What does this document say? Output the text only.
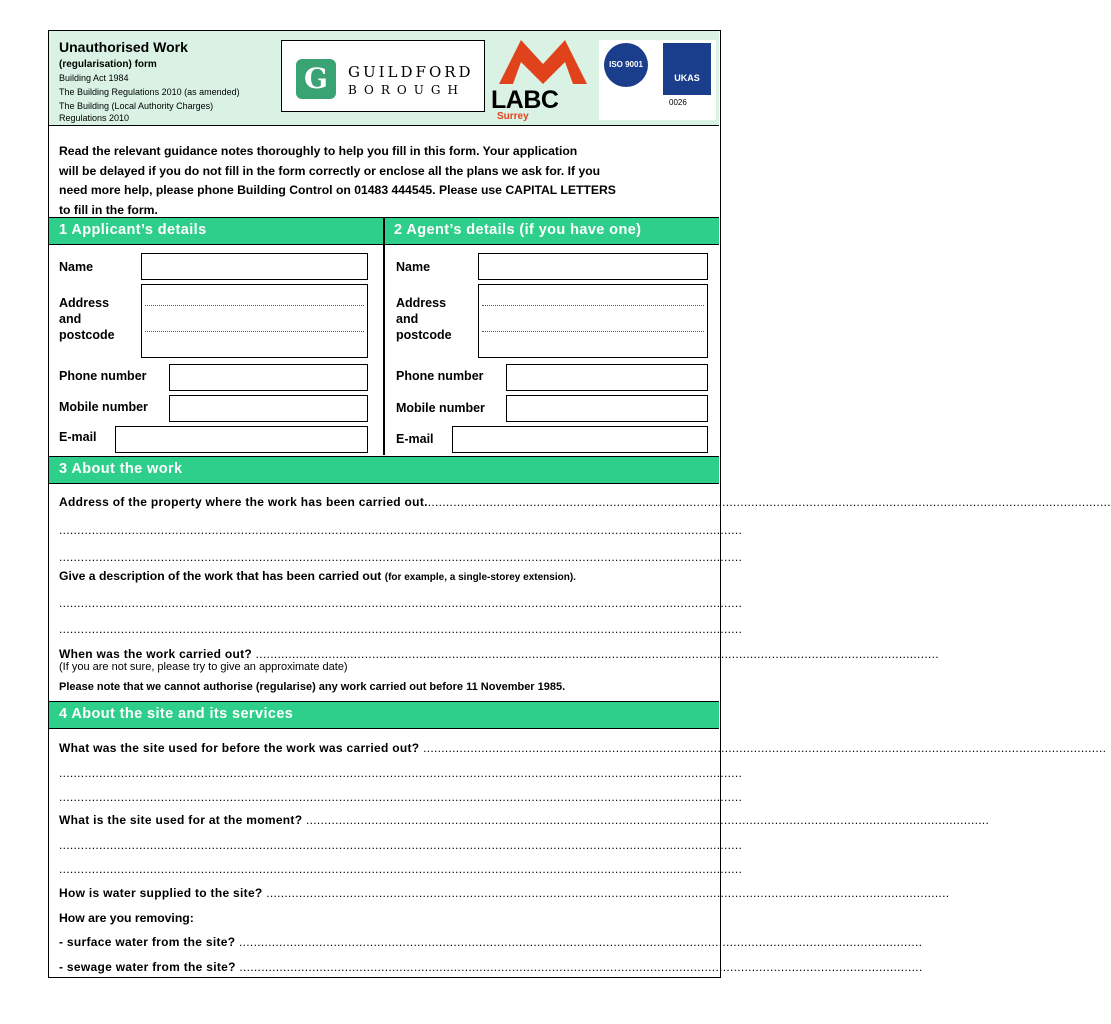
Unauthorised Work
(regularisation) form
Building Act 1984
The Building Regulations 2010 (as amended)
The Building (Local Authority Charges)
Regulations 2010
G	GUILDFORD
BOROUGH LABC
Surrey
ISO 9001
UKAS
0026
Read the relevant guidance notes thoroughly to help you fill in this form. Your application
will be delayed if you do not fill in the form correctly or enclose all the plans we ask for. If you
need more help, please phone Building Control on 01483 444545. Please use CAPITAL LETTERS
to fill in the form.
1 Applicant’s details	2 Agent’s details (if you have one)
Name
Address
and
postcode
Phone number
Mobile number
E-mail
Name
Address
and
postcode
Phone number
Mobile number
E-mail
3 About the work
Address of the property where the work has been carried out.............................................................................................................................................................................................
............................................................................................................................................................................................
............................................................................................................................................................................................
Give a description of the work that has been carried out (for example, a single-storey extension).
............................................................................................................................................................................................
............................................................................................................................................................................................
When was the work carried out? ............................................................................................................................................................................................
(If you are not sure, please try to give an approximate date)
Please note that we cannot authorise (regularise) any work carried out before 11 November 1985.
4 About the site and its services
What was the site used for before the work was carried out? ............................................................................................................................................................................................
............................................................................................................................................................................................
............................................................................................................................................................................................
What is the site used for at the moment? ............................................................................................................................................................................................
............................................................................................................................................................................................
............................................................................................................................................................................................
How is water supplied to the site? ............................................................................................................................................................................................
How are you removing:
- surface water from the site? ............................................................................................................................................................................................
- sewage water from the site? ............................................................................................................................................................................................
